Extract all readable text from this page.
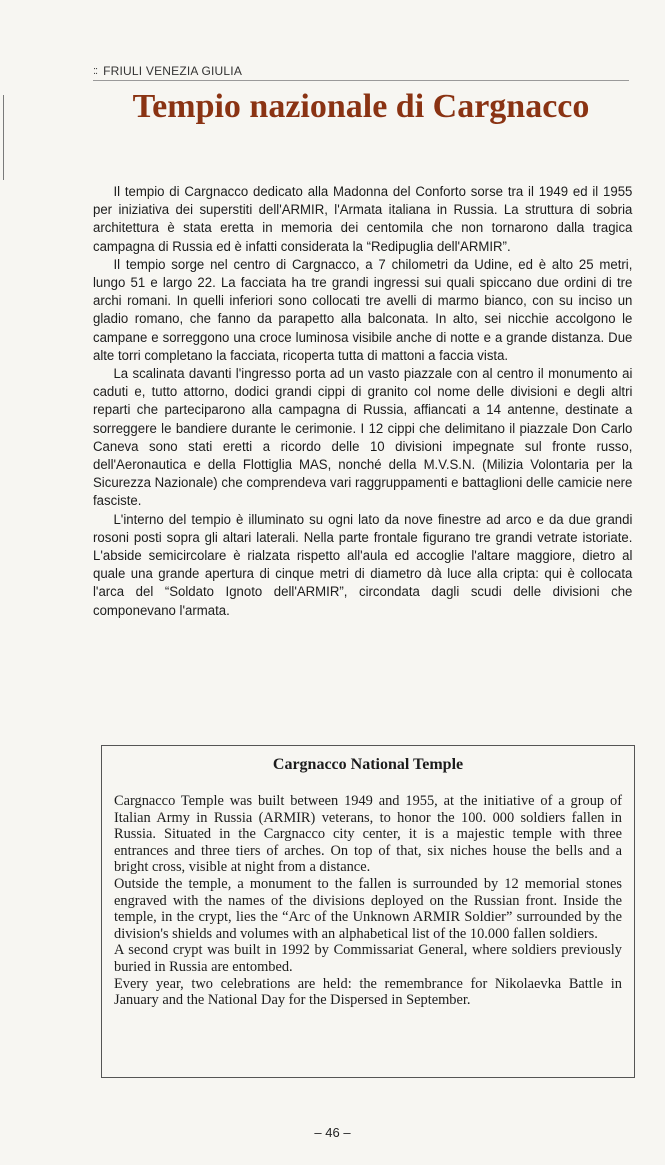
:: FRIULI VENEZIA GIULIA
Tempio nazionale di Cargnacco

Il tempio di Cargnacco dedicato alla Madonna del Conforto sorse tra il 1949 ed il 1955 per iniziativa dei superstiti dell'ARMIR, l'Armata italiana in Russia. La struttura di sobria architettura è stata eretta in memoria dei centomila che non tornarono dalla tragica campagna di Russia ed è infatti considerata la “Redipuglia dell'ARMIR”.

Il tempio sorge nel centro di Cargnacco, a 7 chilometri da Udine, ed è alto 25 metri, lungo 51 e largo 22. La facciata ha tre grandi ingressi sui quali spiccano due ordini di tre archi romani. In quelli inferiori sono collocati tre avelli di marmo bianco, con su inciso un gladio romano, che fanno da parapetto alla balconata. In alto, sei nicchie accolgono le campane e sorreggono una croce luminosa visibile anche di notte e a grande distanza. Due alte torri completano la facciata, ricoperta tutta di mattoni a faccia vista.

La scalinata davanti l'ingresso porta ad un vasto piazzale con al centro il monumento ai caduti e, tutto attorno, dodici grandi cippi di granito col nome delle divisioni e degli altri reparti che parteciparono alla campagna di Russia, affiancati a 14 antenne, destinate a sorreggere le bandiere durante le cerimonie. I 12 cippi che delimitano il piazzale Don Carlo Caneva sono stati eretti a ricordo delle 10 divisioni impegnate sul fronte russo, dell'Aeronautica e della Flottiglia MAS, nonché della M.V.S.N. (Milizia Volontaria per la Sicurezza Nazionale) che comprendeva vari raggruppamenti e battaglioni delle camicie nere fasciste.

L'interno del tempio è illuminato su ogni lato da nove finestre ad arco e da due grandi rosoni posti sopra gli altari laterali. Nella parte frontale figurano tre grandi vetrate istoriate. L'abside semicircolare è rialzata rispetto all'aula ed accoglie l'altare maggiore, dietro al quale una grande apertura di cinque metri di diametro dà luce alla cripta: qui è collocata l'arca del “Soldato Ignoto dell'ARMIR”, circondata dagli scudi delle divisioni che componevano l'armata.

Cargnacco National Temple

Cargnacco Temple was built between 1949 and 1955, at the initiative of a group of Italian Army in Russia (ARMIR) veterans, to honor the 100. 000 soldiers fallen in Russia. Situated in the Cargnacco city center, it is a majestic temple with three entrances and three tiers of arches. On top of that, six niches house the bells and a bright cross, visible at night from a distance.

Outside the temple, a monument to the fallen is surrounded by 12 memorial stones engraved with the names of the divisions deployed on the Russian front. Inside the temple, in the crypt, lies the “Arc of the Unknown ARMIR Soldier” surrounded by the division's shields and volumes with an alphabetical list of the 10.000 fallen soldiers.

A second crypt was built in 1992 by Commissariat General, where soldiers previously buried in Russia are entombed.

Every year, two celebrations are held: the remembrance for Nikolaevka Battle in January and the National Day for the Dispersed in September.

– 46 –
